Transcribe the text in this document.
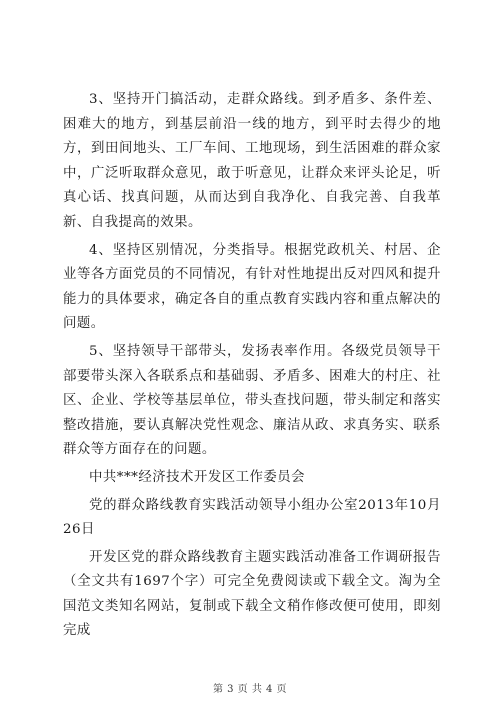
3、坚持开门搞活动，走群众路线。到矛盾多、条件差、困难大的地方，到基层前沿一线的地方，到平时去得少的地方，到田间地头、工厂车间、工地现场，到生活困难的群众家中，广泛听取群众意见，敢于听意见，让群众来评头论足，听真心话、找真问题，从而达到自我净化、自我完善、自我革新、自我提高的效果。

4、坚持区别情况，分类指导。根据党政机关、村居、企业等各方面党员的不同情况，有针对性地提出反对四风和提升能力的具体要求，确定各自的重点教育实践内容和重点解决的问题。

5、坚持领导干部带头，发扬表率作用。各级党员领导干部要带头深入各联系点和基础弱、矛盾多、困难大的村庄、社区、企业、学校等基层单位，带头查找问题，带头制定和落实整改措施，要认真解决党性观念、廉洁从政、求真务实、联系群众等方面存在的问题。

中共***经济技术开发区工作委员会

党的群众路线教育实践活动领导小组办公室2013年10月26日

开发区党的群众路线教育主题实践活动准备工作调研报告（全文共有1697个字）可完全免费阅读或下载全文。淘为全国范文类知名网站，复制或下载全文稍作修改便可使用，即刻完成

第 3 页 共 4 页
